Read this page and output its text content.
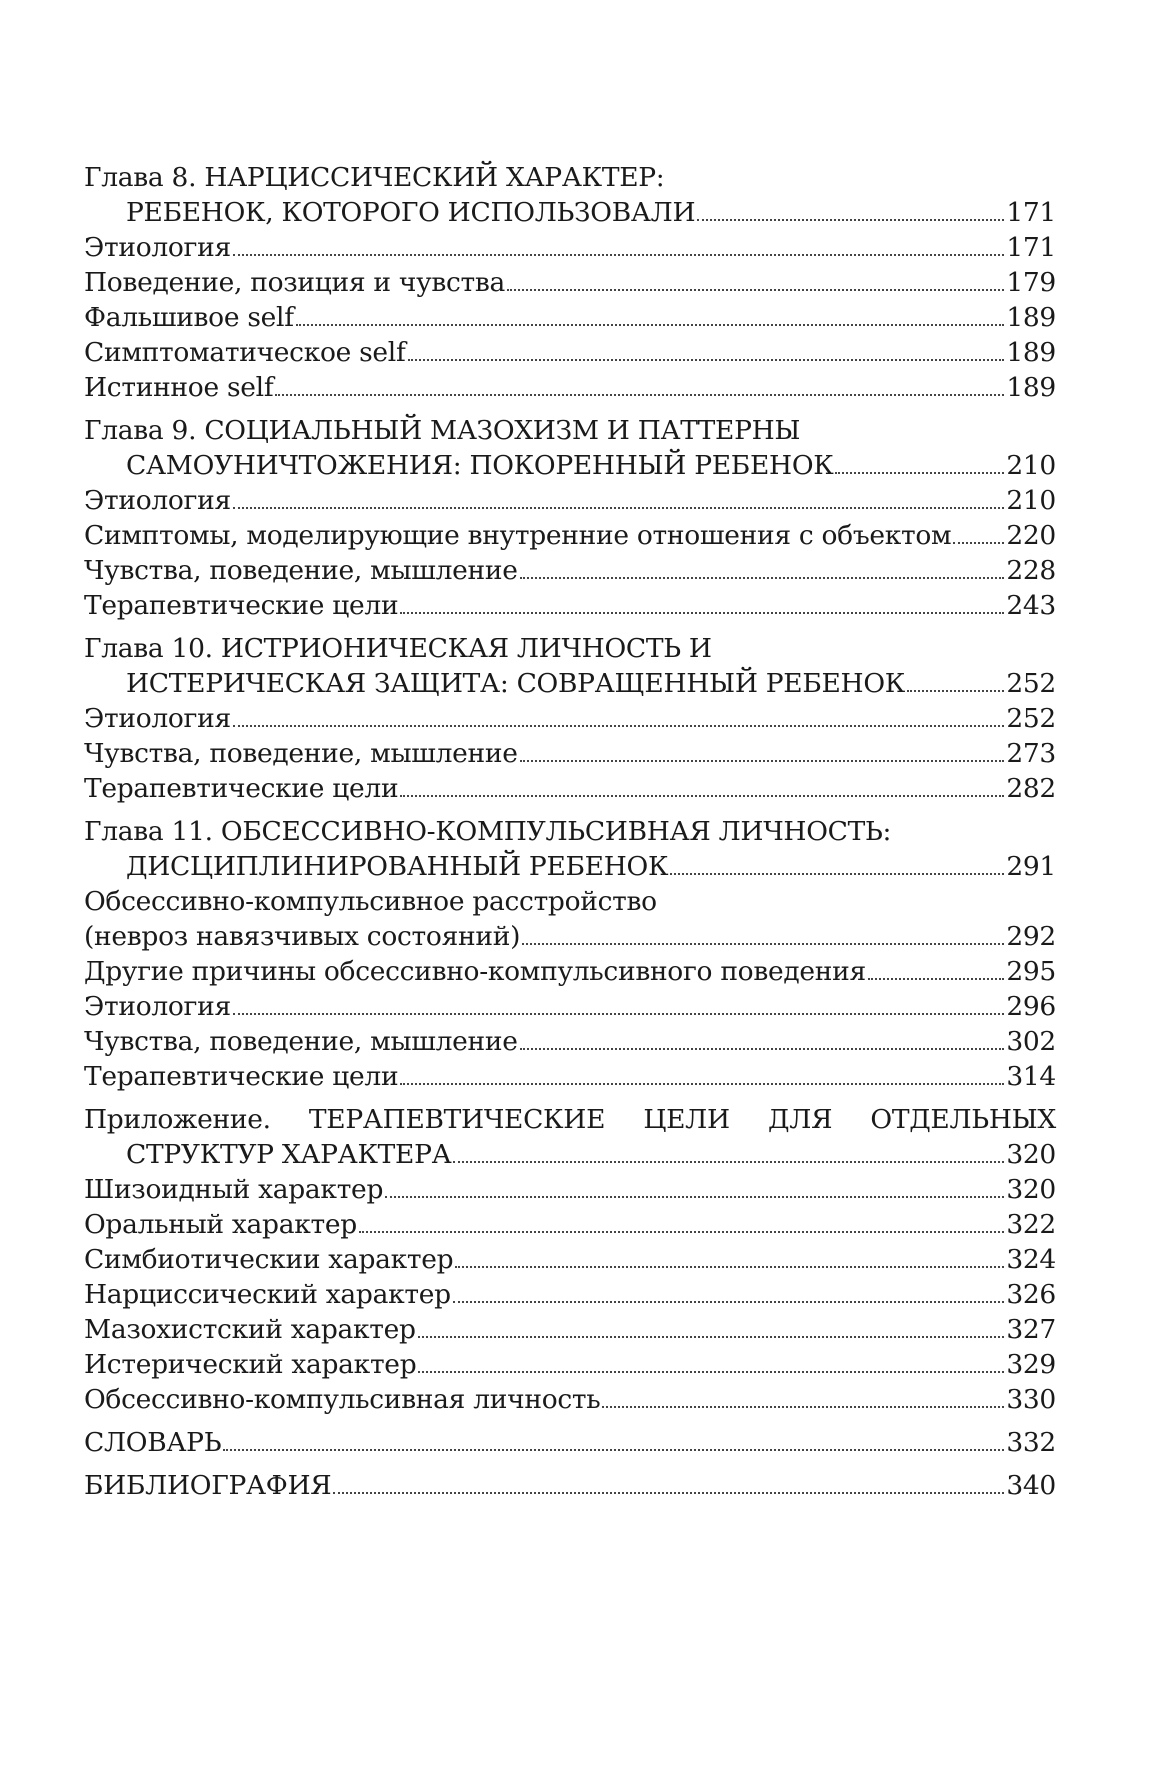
Глава 8. НАРЦИССИЧЕСКИЙ ХАРАКТЕР:
РЕБЕНОК, КОТОРОГО ИСПОЛЬЗОВАЛИ	171
Этиология	171
Поведение, позиция и чувства	179
Фальшивое self	189
Симптоматическое self	189
Истинное self	189
Глава 9. СОЦИАЛЬНЫЙ МАЗОХИЗМ И ПАТТЕРНЫ
САМОУНИЧТОЖЕНИЯ: ПОКОРЕННЫЙ РЕБЕНОК	210
Этиология	210
Симптомы, моделирующие внутренние отношения с объектом 220
Чувства, поведение, мышление	228
Терапевтические цели	243
Глава 10. ИСТРИОНИЧЕСКАЯ ЛИЧНОСТЬ И
ИСТЕРИЧЕСКАЯ ЗАЩИТА: СОВРАЩЕННЫЙ РЕБЕНОК	252
Этиология	252
Чувства, поведение, мышление	273
Терапевтические цели	282
Глава 11. ОБСЕССИВНО-КОМПУЛЬСИВНАЯ ЛИЧНОСТЬ:
ДИСЦИПЛИНИРОВАННЫЙ РЕБЕНОК	291
Обсессивно-компульсивное расстройство
(невроз навязчивых состояний)	292
Другие причины обсессивно-компульсивного поведения	295
Этиология	296
Чувства, поведение, мышление	302
Терапевтические цели	314
Приложение. ТЕРАПЕВТИЧЕСКИЕ ЦЕЛИ ДЛЯ ОТДЕЛЬНЫХ
СТРУКТУР ХАРАКТЕРА	320
Шизоидный характер	320
Оральный характер	322
Симбиотическии характер	324
Нарциссический характер	326
Мазохистский характер	327
Истерический характер	329
Обсессивно-компульсивная личность	330
СЛОВАРЬ	332
БИБЛИОГРАФИЯ	340
